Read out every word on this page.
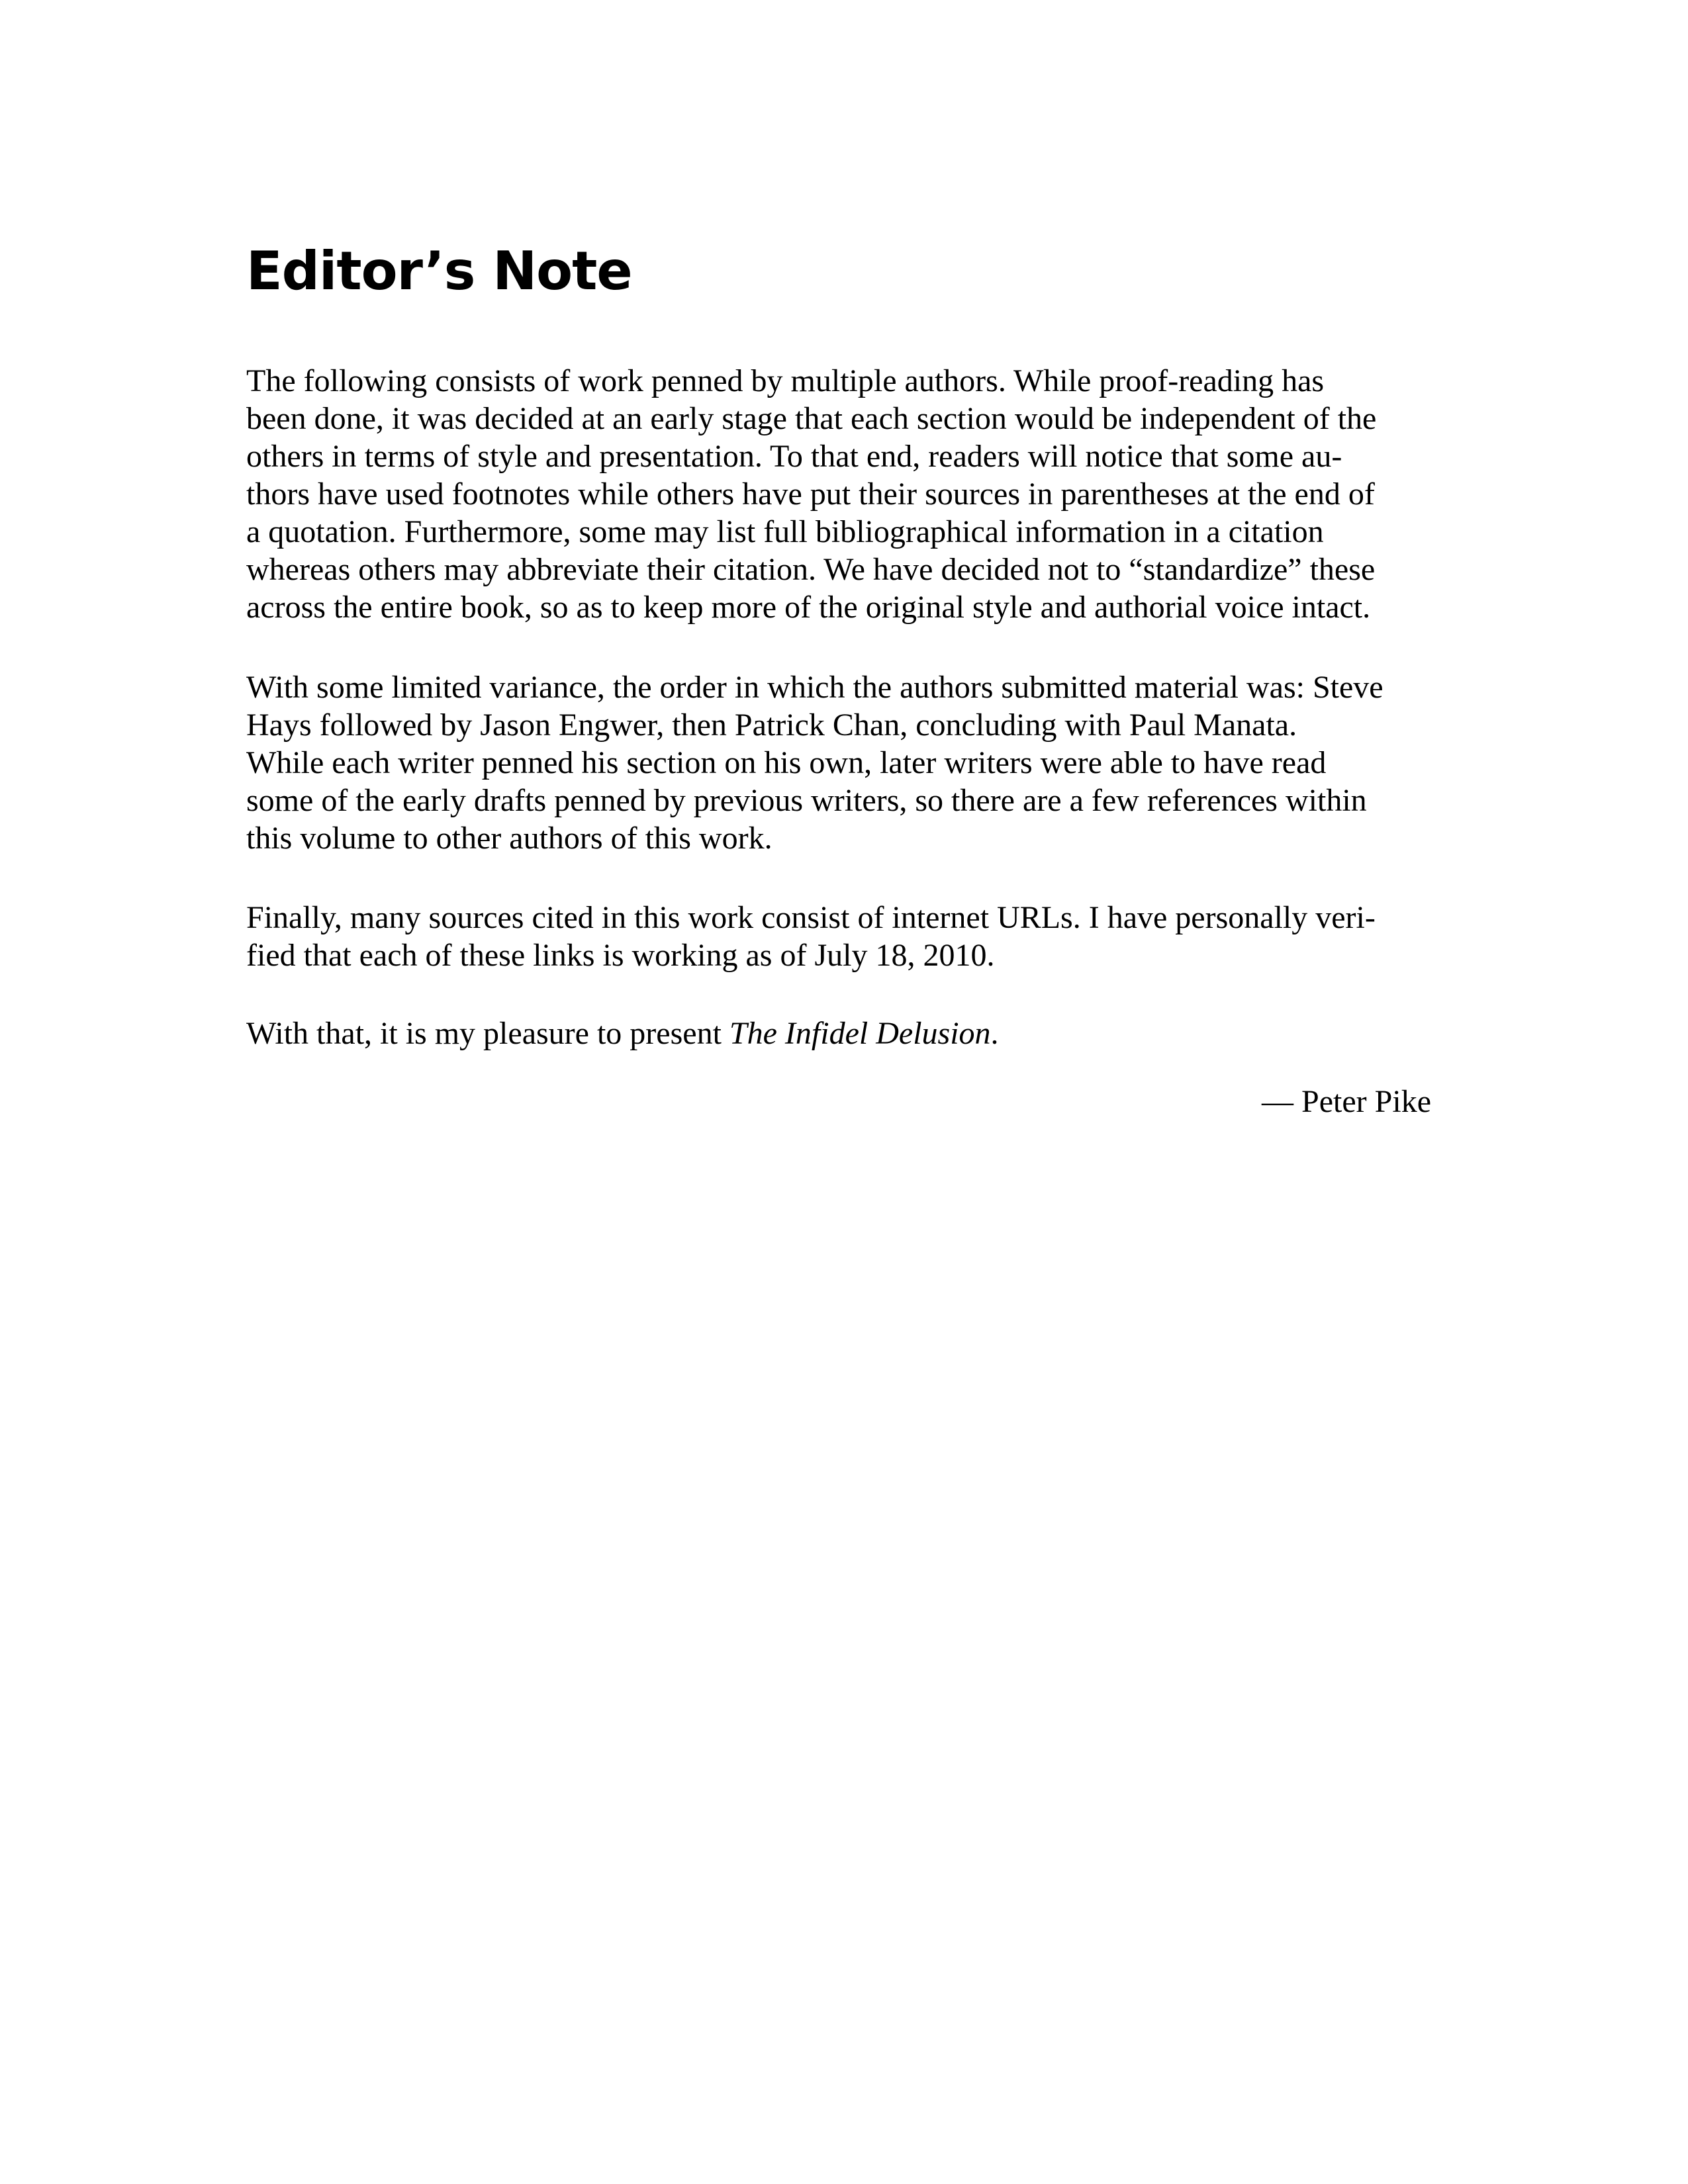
Editor’s Note
The following consists of work penned by multiple authors. While proof-reading has
been done, it was decided at an early stage that each section would be independent of the
others in terms of style and presentation. To that end, readers will notice that some au-
thors have used footnotes while others have put their sources in parentheses at the end of
a quotation. Furthermore, some may list full bibliographical information in a citation
whereas others may abbreviate their citation. We have decided not to “standardize” these
across the entire book, so as to keep more of the original style and authorial voice intact.
With some limited variance, the order in which the authors submitted material was: Steve
Hays followed by Jason Engwer, then Patrick Chan, concluding with Paul Manata.
While each writer penned his section on his own, later writers were able to have read
some of the early drafts penned by previous writers, so there are a few references within
this volume to other authors of this work.
Finally, many sources cited in this work consist of internet URLs. I have personally veri-
fied that each of these links is working as of July 18, 2010.
With that, it is my pleasure to present The Infidel Delusion.
— Peter Pike
